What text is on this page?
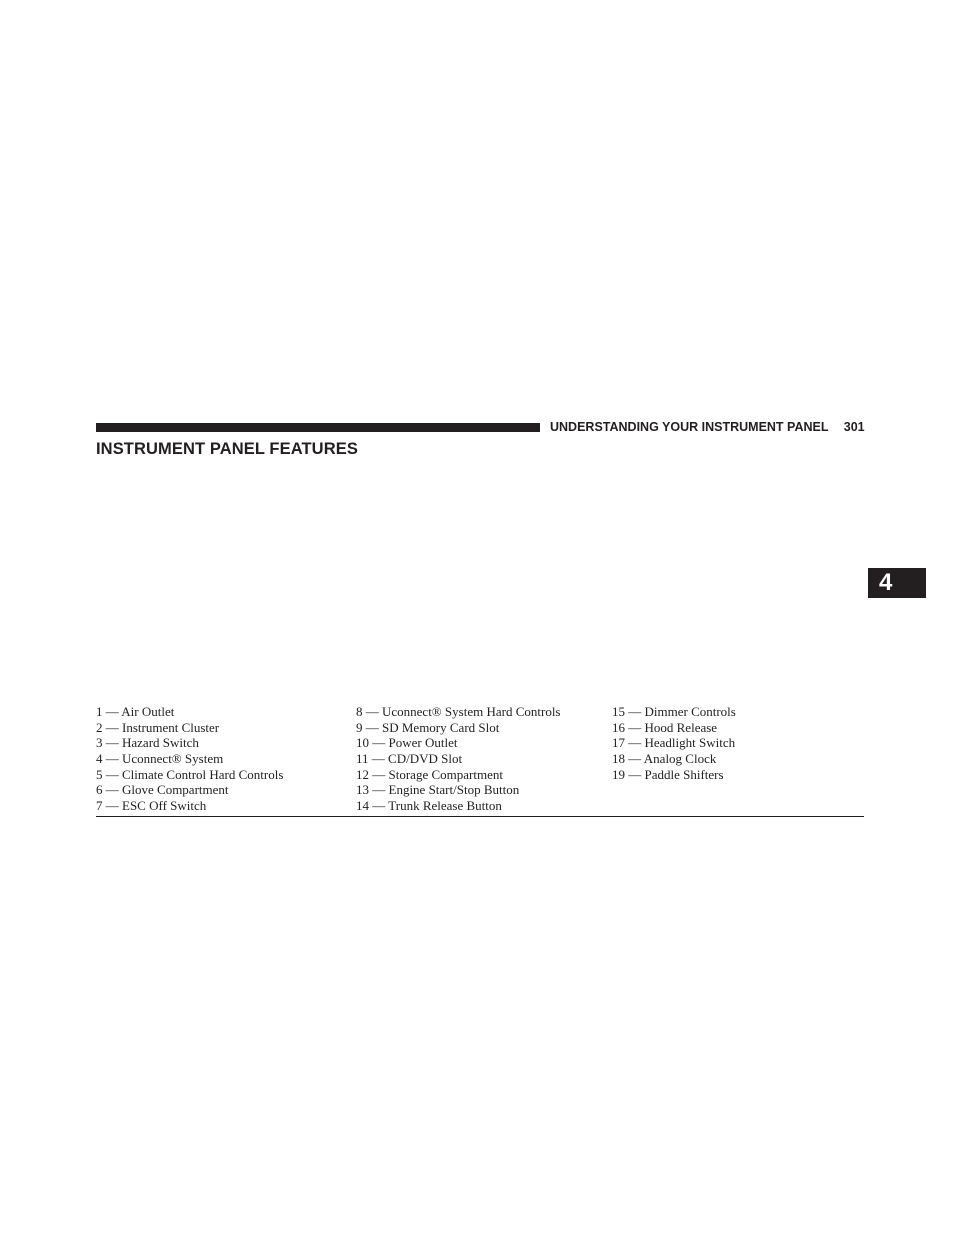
UNDERSTANDING YOUR INSTRUMENT PANEL 301
INSTRUMENT PANEL FEATURES
4
1 — Air Outlet
2 — Instrument Cluster
3 — Hazard Switch
4 — Uconnect® System
5 — Climate Control Hard Controls
6 — Glove Compartment
7 — ESC Off Switch
8 — Uconnect® System Hard Controls
9 — SD Memory Card Slot
10 — Power Outlet
11 — CD/DVD Slot
12 — Storage Compartment
13 — Engine Start/Stop Button
14 — Trunk Release Button
15 — Dimmer Controls
16 — Hood Release
17 — Headlight Switch
18 — Analog Clock
19 — Paddle Shifters
